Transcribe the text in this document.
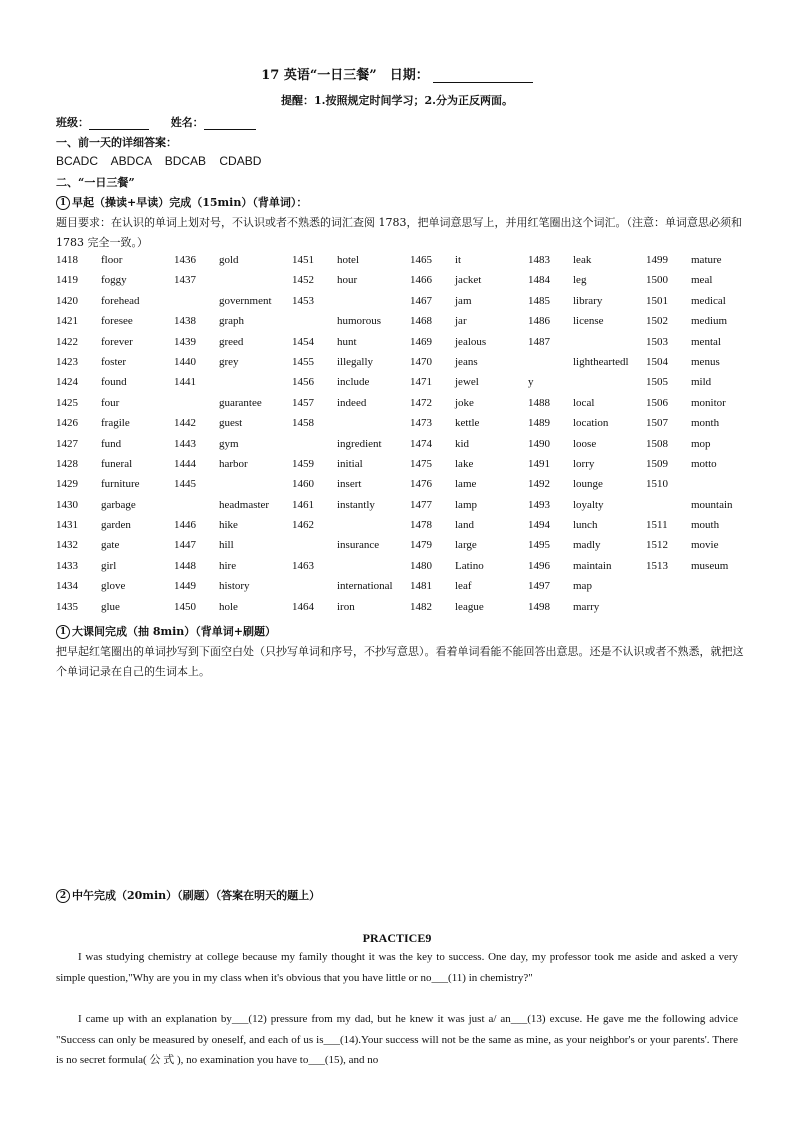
17 英语“一日三餐”　日期：
提醒：1.按照规定时间学习；2.分为正反两面。
班级：	姓名：
一、前一天的详细答案：
BCADC ABDCA BDCAB CDABD
二、“一日三餐”
1 早起（操读+早读）完成（15min）（背单词）：
题目要求：在认识的单词上划对号，不认识或者不熟悉的词汇查阅 1783，把单词意思写上，并用红笔圈出这个词汇。（注意：单词意思必须和 1783 完全一致。）
1418	floor	1436	gold	1451	hotel	1465	it	1483	leak	1499	mature
1419	foggy	1437		1452	hour	1466	jacket	1484	leg	1500	meal
1420	forehead		government	1453		1467	jam	1485	library	1501	medical
1421	foresee	1438	graph		humorous	1468	jar	1486	license	1502	medium
1422	forever	1439	greed	1454	hunt	1469	jealous	1487		1503	mental
1423	foster	1440	grey	1455	illegally	1470	jeans		lightheartedl	1504	menus
1424	found	1441		1456	include	1471	jewel	y		1505	mild
1425	four		guarantee	1457	indeed	1472	joke	1488	local	1506	monitor
1426	fragile	1442	guest	1458		1473	kettle	1489	location	1507	month
1427	fund	1443	gym		ingredient	1474	kid	1490	loose	1508	mop
1428	funeral	1444	harbor	1459	initial	1475	lake	1491	lorry	1509	motto
1429	furniture	1445		1460	insert	1476	lame	1492	lounge	1510	
1430	garbage		headmaster	1461	instantly	1477	lamp	1493	loyalty		mountain
1431	garden	1446	hike	1462		1478	land	1494	lunch	1511	mouth
1432	gate	1447	hill		insurance	1479	large	1495	madly	1512	movie
1433	girl	1448	hire	1463		1480	Latino	1496	maintain	1513	museum
1434	glove	1449	history		international	1481	leaf	1497	map		
1435	glue	1450	hole	1464	iron	1482	league	1498	marry		
1 大课间完成（抽 8min）（背单词+刷题）
把早起红笔圈出的单词抄写到下面空白处（只抄写单词和序号，不抄写意思）。看着单词看能不能回答出意思。还是不认识或者不熟悉，就把这个单词记录在自己的生词本上。
2 中午完成（20min）（刷题）（答案在明天的题上）
PRACTICE9
I was studying chemistry at college because my family thought it was the key to success. One day, my professor took me aside and asked a very simple question,"Why are you in my class when it's obvious that you have little or no___(11) in chemistry?"
I came up with an explanation by___(12) pressure from my dad, but he knew it was just a/ an___(13) excuse. He gave me the following advice "Success can only be measured by oneself, and each of us is___(14).Your success will not be the same as mine, as your neighbor's or your parents'. There is no secret formula( 公 式 ), no examination you have to___(15), and no
